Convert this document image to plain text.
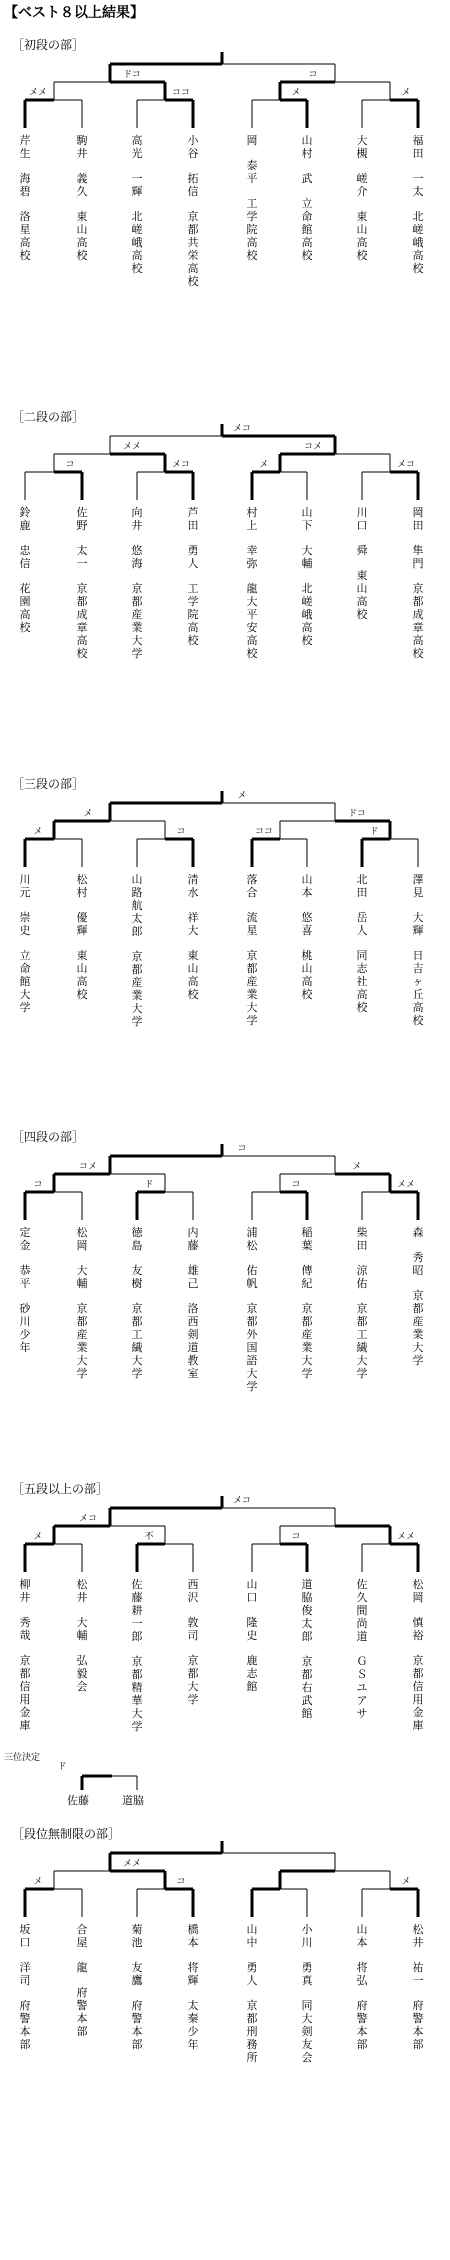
【ベスト８以上結果】
［初段の部］
ドコ	コ
メメ	ココ	メ	メ
芹生
海碧
洛星高校
駒井
義久
東山高校
高光
一輝
北嵯峨高校
小谷
拓信
京都共栄高校
岡
泰平
工学院高校
山村
武
立命館高校
大槻
嵯介
東山高校
福田
一太
北嵯峨高校
［二段の部］
メコ
メメ	コメ
コ	メコ	メ	メコ
鈴鹿
忠信
花園高校
佐野
太一
京都成章高校
向井
悠海
京都産業大学
芦田
勇人
工学院高校
村上
幸弥
龍大平安高校
山下
大輔
北嵯峨高校
川口
舜
東山高校
岡田
隼門
京都成章高校
［三段の部］
メ
メ	ドコ
メ	コ	ココ	ド
川元
崇史
立命館大学
松村
優輝
東山高校
山路航太郎
京都産業大学
清水
祥大
東山高校
落合
流星
京都産業大学
山本
悠喜
桃山高校
北田
岳人
同志社高校
澤見
大輝
日吉ヶ丘高校
［四段の部］
コ
コメ	メ
コ	ド	コ	メメ
定金
恭平
砂川少年
松岡
大輔
京都産業大学
徳島
友樹
京都工繊大学
内藤
雄己
洛西剣道教室
浦松
佑帆
京都外国語大学
稲葉
傳紀
京都産業大学
柴田
涼佑
京都工繊大学
森
秀昭
京都産業大学
［五段以上の部］
メコ
メコ
メ	不	コ	メメ
柳井
秀哉
京都信用金庫
松井
大輔
弘毅会
佐藤耕一郎
京都精華大学
西沢
敦司
京都大学
山口
隆史
鹿志館
道脇俊太郎
京都右武館
佐久間尚道
ＧＳユアサ
松岡
慎裕
京都信用金庫
［段位無制限の部］
メメ
メ	コ	メ
坂口
洋司
府警本部
合屋
龍
府警本部
菊池
友鷹
府警本部
橋本
将輝
太秦少年
山中
勇人
京都刑務所
小川
勇真
同大剣友会
山本
将弘
府警本部
松井
祐一
府警本部
三位決定
ド
佐藤	道脇
